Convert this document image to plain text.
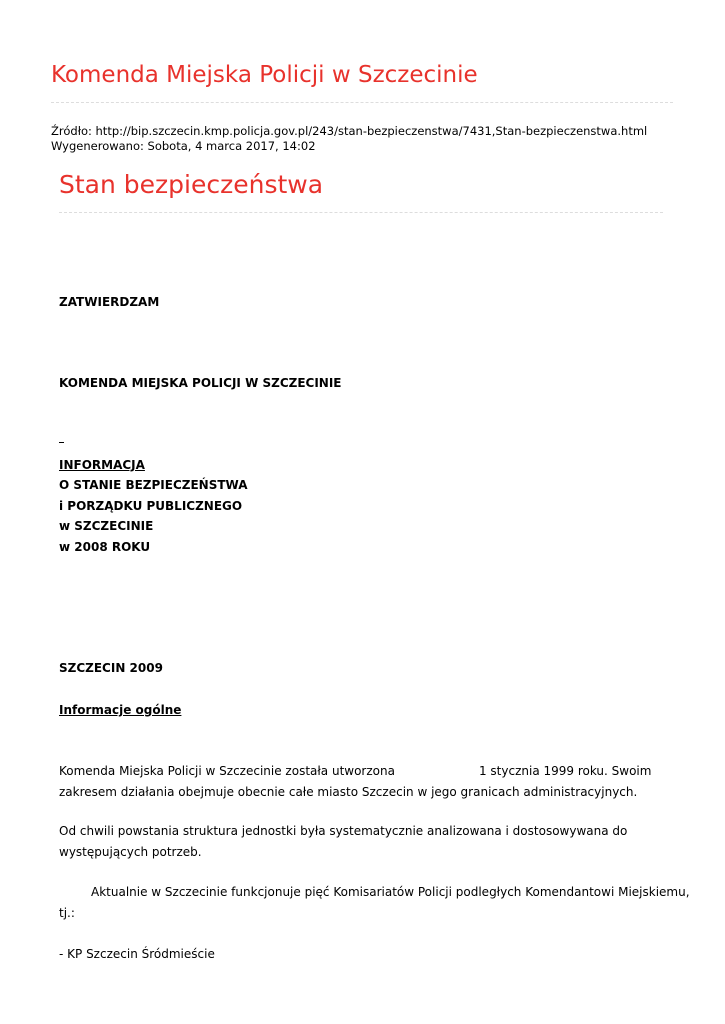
Komenda Miejska Policji w Szczecinie
Źródło: http://bip.szczecin.kmp.policja.gov.pl/243/stan-bezpieczenstwa/7431,Stan-bezpieczenstwa.html
Wygenerowano: Sobota, 4 marca 2017, 14:02
Stan bezpieczeństwa
ZATWIERDZAM
KOMENDA MIEJSKA POLICJI W SZCZECINIE
INFORMACJA
O STANIE BEZPIECZEŃSTWA
i PORZĄDKU PUBLICZNEGO
w SZCZECINIE
w 2008 ROKU
SZCZECIN 2009
Informacje ogólne
Komenda Miejska Policji w Szczecinie została utworzona	1 stycznia 1999 roku. Swoim
zakresem działania obejmuje obecnie całe miasto Szczecin w jego granicach administracyjnych.
Od chwili powstania struktura jednostki była systematycznie analizowana i dostosowywana do
występujących potrzeb.
Aktualnie w Szczecinie funkcjonuje pięć Komisariatów Policji podległych Komendantowi Miejskiemu,
tj.:
- KP Szczecin Śródmieście
